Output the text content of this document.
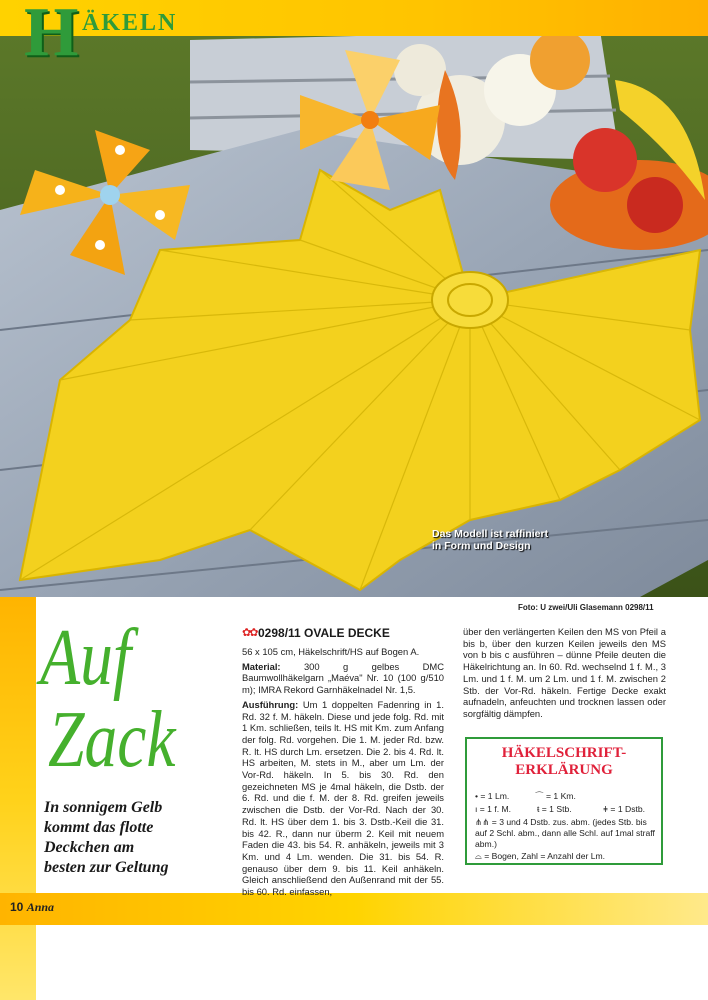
H ÄKELN
Das Modell ist raffiniert
in Form und Design
Foto: U zwei/Uli Glasemann 0298/11
10 Anna
Auf
Zack
In sonnigem Gelb
kommt das flotte
Deckchen am
besten zur Geltung
✿✿ 0298/11 OVALE DECKE

56 x 105 cm, Häkelschrift/HS auf Bogen A.

Material: 300 g gelbes DMC Baumwollhäkelgarn „Maéva" Nr. 10 (100 g/510 m); IMRA Rekord Garnhäkelnadel Nr. 1,5.

Ausführung: Um 1 doppelten Fadenring in 1. Rd. 32 f. M. häkeln. Diese und jede folg. Rd. mit 1 Km. schließen, teils lt. HS mit Km. zum Anfang der folg. Rd. vorgehen. Die 1. M. jeder Rd. bzw. R. lt. HS durch Lm. ersetzen. Die 2. bis 4. Rd. lt. HS arbeiten, M. stets in M., aber um Lm. der Vor-Rd. häkeln. In 5. bis 30. Rd. den gezeichneten MS je 4mal häkeln, die Dstb. der 6. Rd. und die f. M. der 8. Rd. greifen jeweils zwischen die Dstb. der Vor-Rd. Nach der 30. Rd. lt. HS über dem 1. bis 3. Dstb.-Keil die 31. bis 42. R., dann nur überm 2. Keil mit neuem Faden die 43. bis 54. R. anhäkeln, jeweils mit 3 Km. und 4 Lm. wenden. Die 31. bis 54. R. genauso über dem 9. bis 11. Keil anhäkeln. Gleich anschließend den Außenrand mit der 55. bis 60. Rd. einfassen,

über den verlängerten Keilen den MS von Pfeil a bis b, über den kurzen Keilen jeweils den MS von b bis c ausführen – dünne Pfeile deuten die Häkelrichtung an. In 60. Rd. wechselnd 1 f. M., 3 Lm. und 1 f. M. um 2 Lm. und 1 f. M. zwischen 2 Stb. der Vor-Rd. häkeln. Fertige Decke exakt aufnadeln, anfeuchten und trocknen lassen oder sorgfältig dämpfen.

HÄKELSCHRIFT-
ERKLÄRUNG
• = 1 Lm.	⌒ = 1 Km.
ı = 1 f. M.	ŧ = 1 Stb.	ǂ = 1 Dstb.
⋔⋔ = 3 und 4 Dstb. zus. abm. (jedes Stb. bis auf 2 Schl. abm., dann alle Schl. auf 1mal straff abm.)
⌓ = Bogen, Zahl = Anzahl der Lm.
